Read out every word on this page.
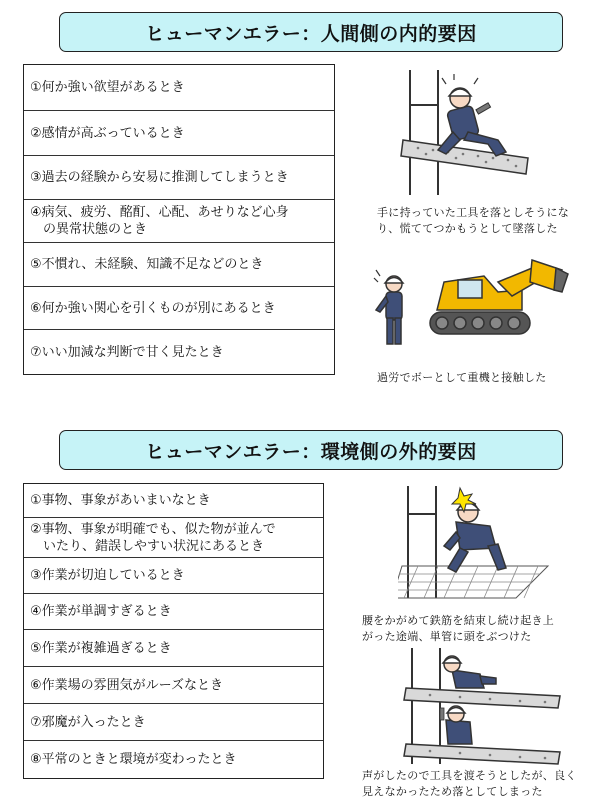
ヒューマンエラー：人間側の内的要因
①何か強い欲望があるとき
②感情が高ぶっているとき
③過去の経験から安易に推測してしまうとき
④病気、疲労、酩酊、心配、あせりなど心身
　の異常状態のとき
⑤不慣れ、未経験、知識不足などのとき
⑥何か強い関心を引くものが別にあるとき
⑦いい加減な判断で甘く見たとき
手に持っていた工具を落としそうにな
り、慌ててつかもうとして墜落した
過労でボーとして重機と接触した
ヒューマンエラー：環境側の外的要因
①事物、事象があいまいなとき
②事物、事象が明確でも、似た物が並んで
　いたり、錯誤しやすい状況にあるとき
③作業が切迫しているとき
④作業が単調すぎるとき
⑤作業が複雑過ぎるとき
⑥作業場の雰囲気がルーズなとき
⑦邪魔が入ったとき
⑧平常のときと環境が変わったとき
腰をかがめて鉄筋を結束し続け起き上
がった途端、単管に頭をぶつけた
声がしたので工具を渡そうとしたが、良く
見えなかったため落としてしまった
